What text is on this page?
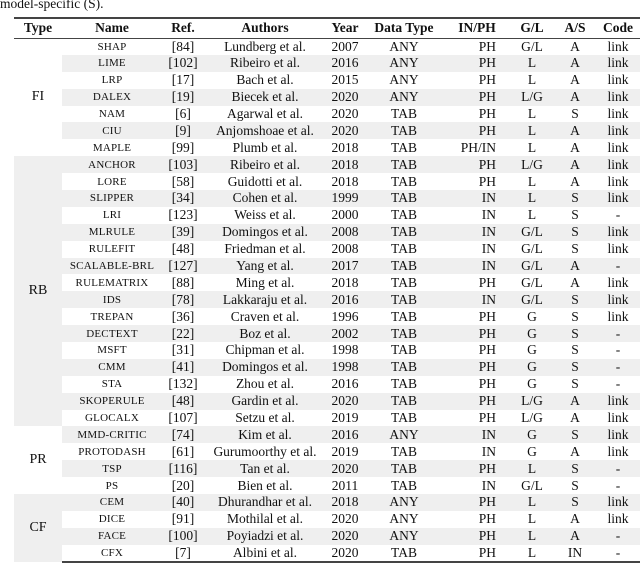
model-specific (S).
Type	Name	Ref.	Authors	Year	Data Type	IN/PH	G/L	A/S	Code
FI	SHAP	[84]	Lundberg et al.	2007	ANY	PH	G/L	A	link
	LIME	[102]	Ribeiro et al.	2016	ANY	PH	L	A	link
	LRP	[17]	Bach et al.	2015	ANY	PH	L	A	link
	DALEX	[19]	Biecek et al.	2020	ANY	PH	L/G	A	link
	NAM	[6]	Agarwal et al.	2020	TAB	PH	L	S	link
	CIU	[9]	Anjomshoae et al.	2020	TAB	PH	L	A	link
	MAPLE	[99]	Plumb et al.	2018	TAB	PH/IN	L	A	link
RB	ANCHOR	[103]	Ribeiro et al.	2018	TAB	PH	L/G	A	link
	LORE	[58]	Guidotti et al.	2018	TAB	PH	L	A	link
	SLIPPER	[34]	Cohen et al.	1999	TAB	IN	L	S	link
	LRI	[123]	Weiss et al.	2000	TAB	IN	L	S	-
	MLRULE	[39]	Domingos et al.	2008	TAB	IN	G/L	S	link
	RULEFIT	[48]	Friedman et al.	2008	TAB	IN	G/L	S	link
	SCALABLE-BRL	[127]	Yang et al.	2017	TAB	IN	G/L	A	-
	RULEMATRIX	[88]	Ming et al.	2018	TAB	PH	G/L	A	link
	IDS	[78]	Lakkaraju et al.	2016	TAB	IN	G/L	S	link
	TREPAN	[36]	Craven et al.	1996	TAB	PH	G	S	link
	DECTEXT	[22]	Boz et al.	2002	TAB	PH	G	S	-
	MSFT	[31]	Chipman et al.	1998	TAB	PH	G	S	-
	CMM	[41]	Domingos et al.	1998	TAB	PH	G	S	-
	STA	[132]	Zhou et al.	2016	TAB	PH	G	S	-
	SKOPERULE	[48]	Gardin et al.	2020	TAB	PH	L/G	A	link
	GLOCALX	[107]	Setzu et al.	2019	TAB	PH	L/G	A	link
PR	MMD-CRITIC	[74]	Kim et al.	2016	ANY	IN	G	S	link
	PROTODASH	[61]	Gurumoorthy et al.	2019	TAB	IN	G	A	link
	TSP	[116]	Tan et al.	2020	TAB	PH	L	S	-
	PS	[20]	Bien et al.	2011	TAB	IN	G/L	S	-
CF	CEM	[40]	Dhurandhar et al.	2018	ANY	PH	L	S	link
	DICE	[91]	Mothilal et al.	2020	ANY	PH	L	A	link
	FACE	[100]	Poyiadzi et al.	2020	ANY	PH	L	A	-
	CFX	[7]	Albini et al.	2020	TAB	PH	L	IN	-
